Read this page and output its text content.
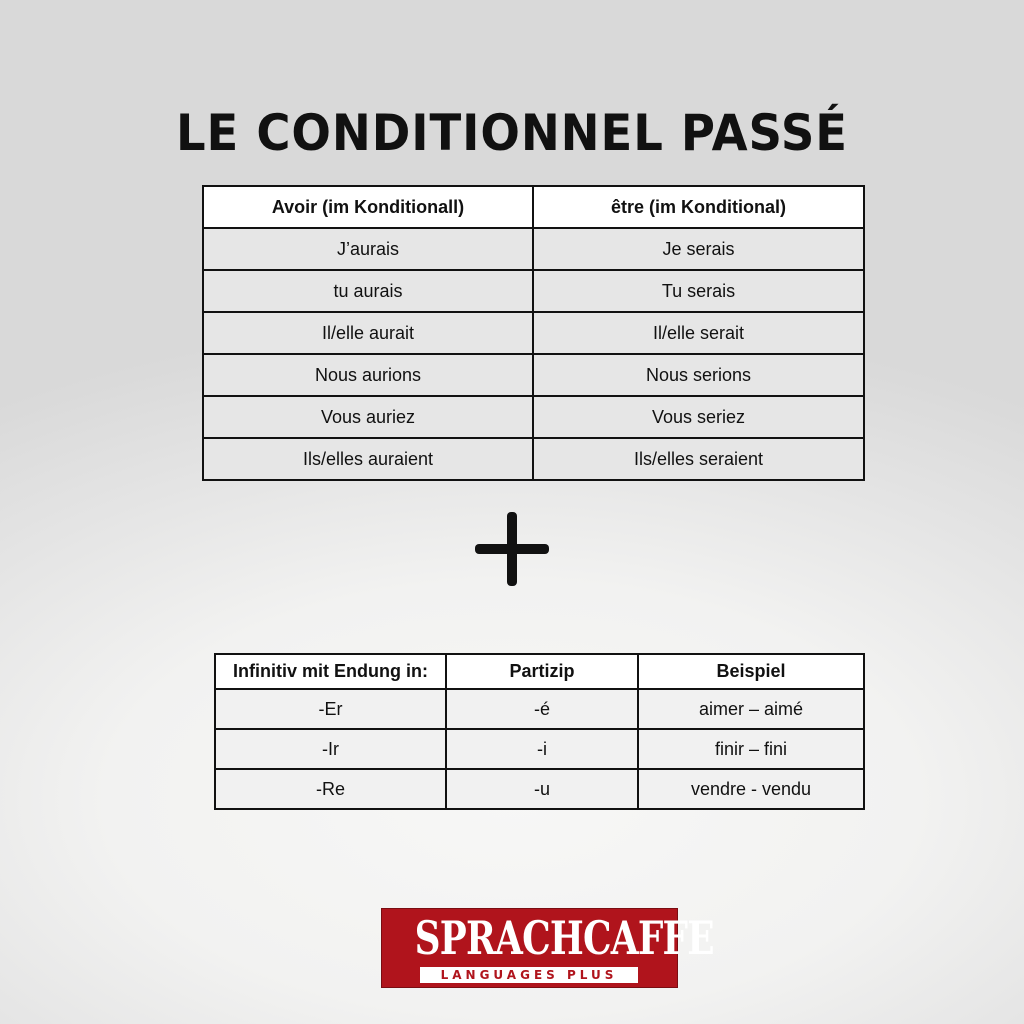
LE CONDITIONNEL PASSÉ
Avoir (im Konditionall)	être (im Konditional)
J’aurais	Je serais
tu aurais	Tu serais
Il/elle aurait	Il/elle serait
Nous aurions	Nous serions
Vous auriez	Vous seriez
Ils/elles auraient	Ils/elles seraient
Infinitiv mit Endung in:	Partizip	Beispiel
-Er	-é	aimer – aimé
-Ir	-i	finir – fini
-Re	-u	vendre - vendu
SPRACHCAFFE
LANGUAGES PLUS
